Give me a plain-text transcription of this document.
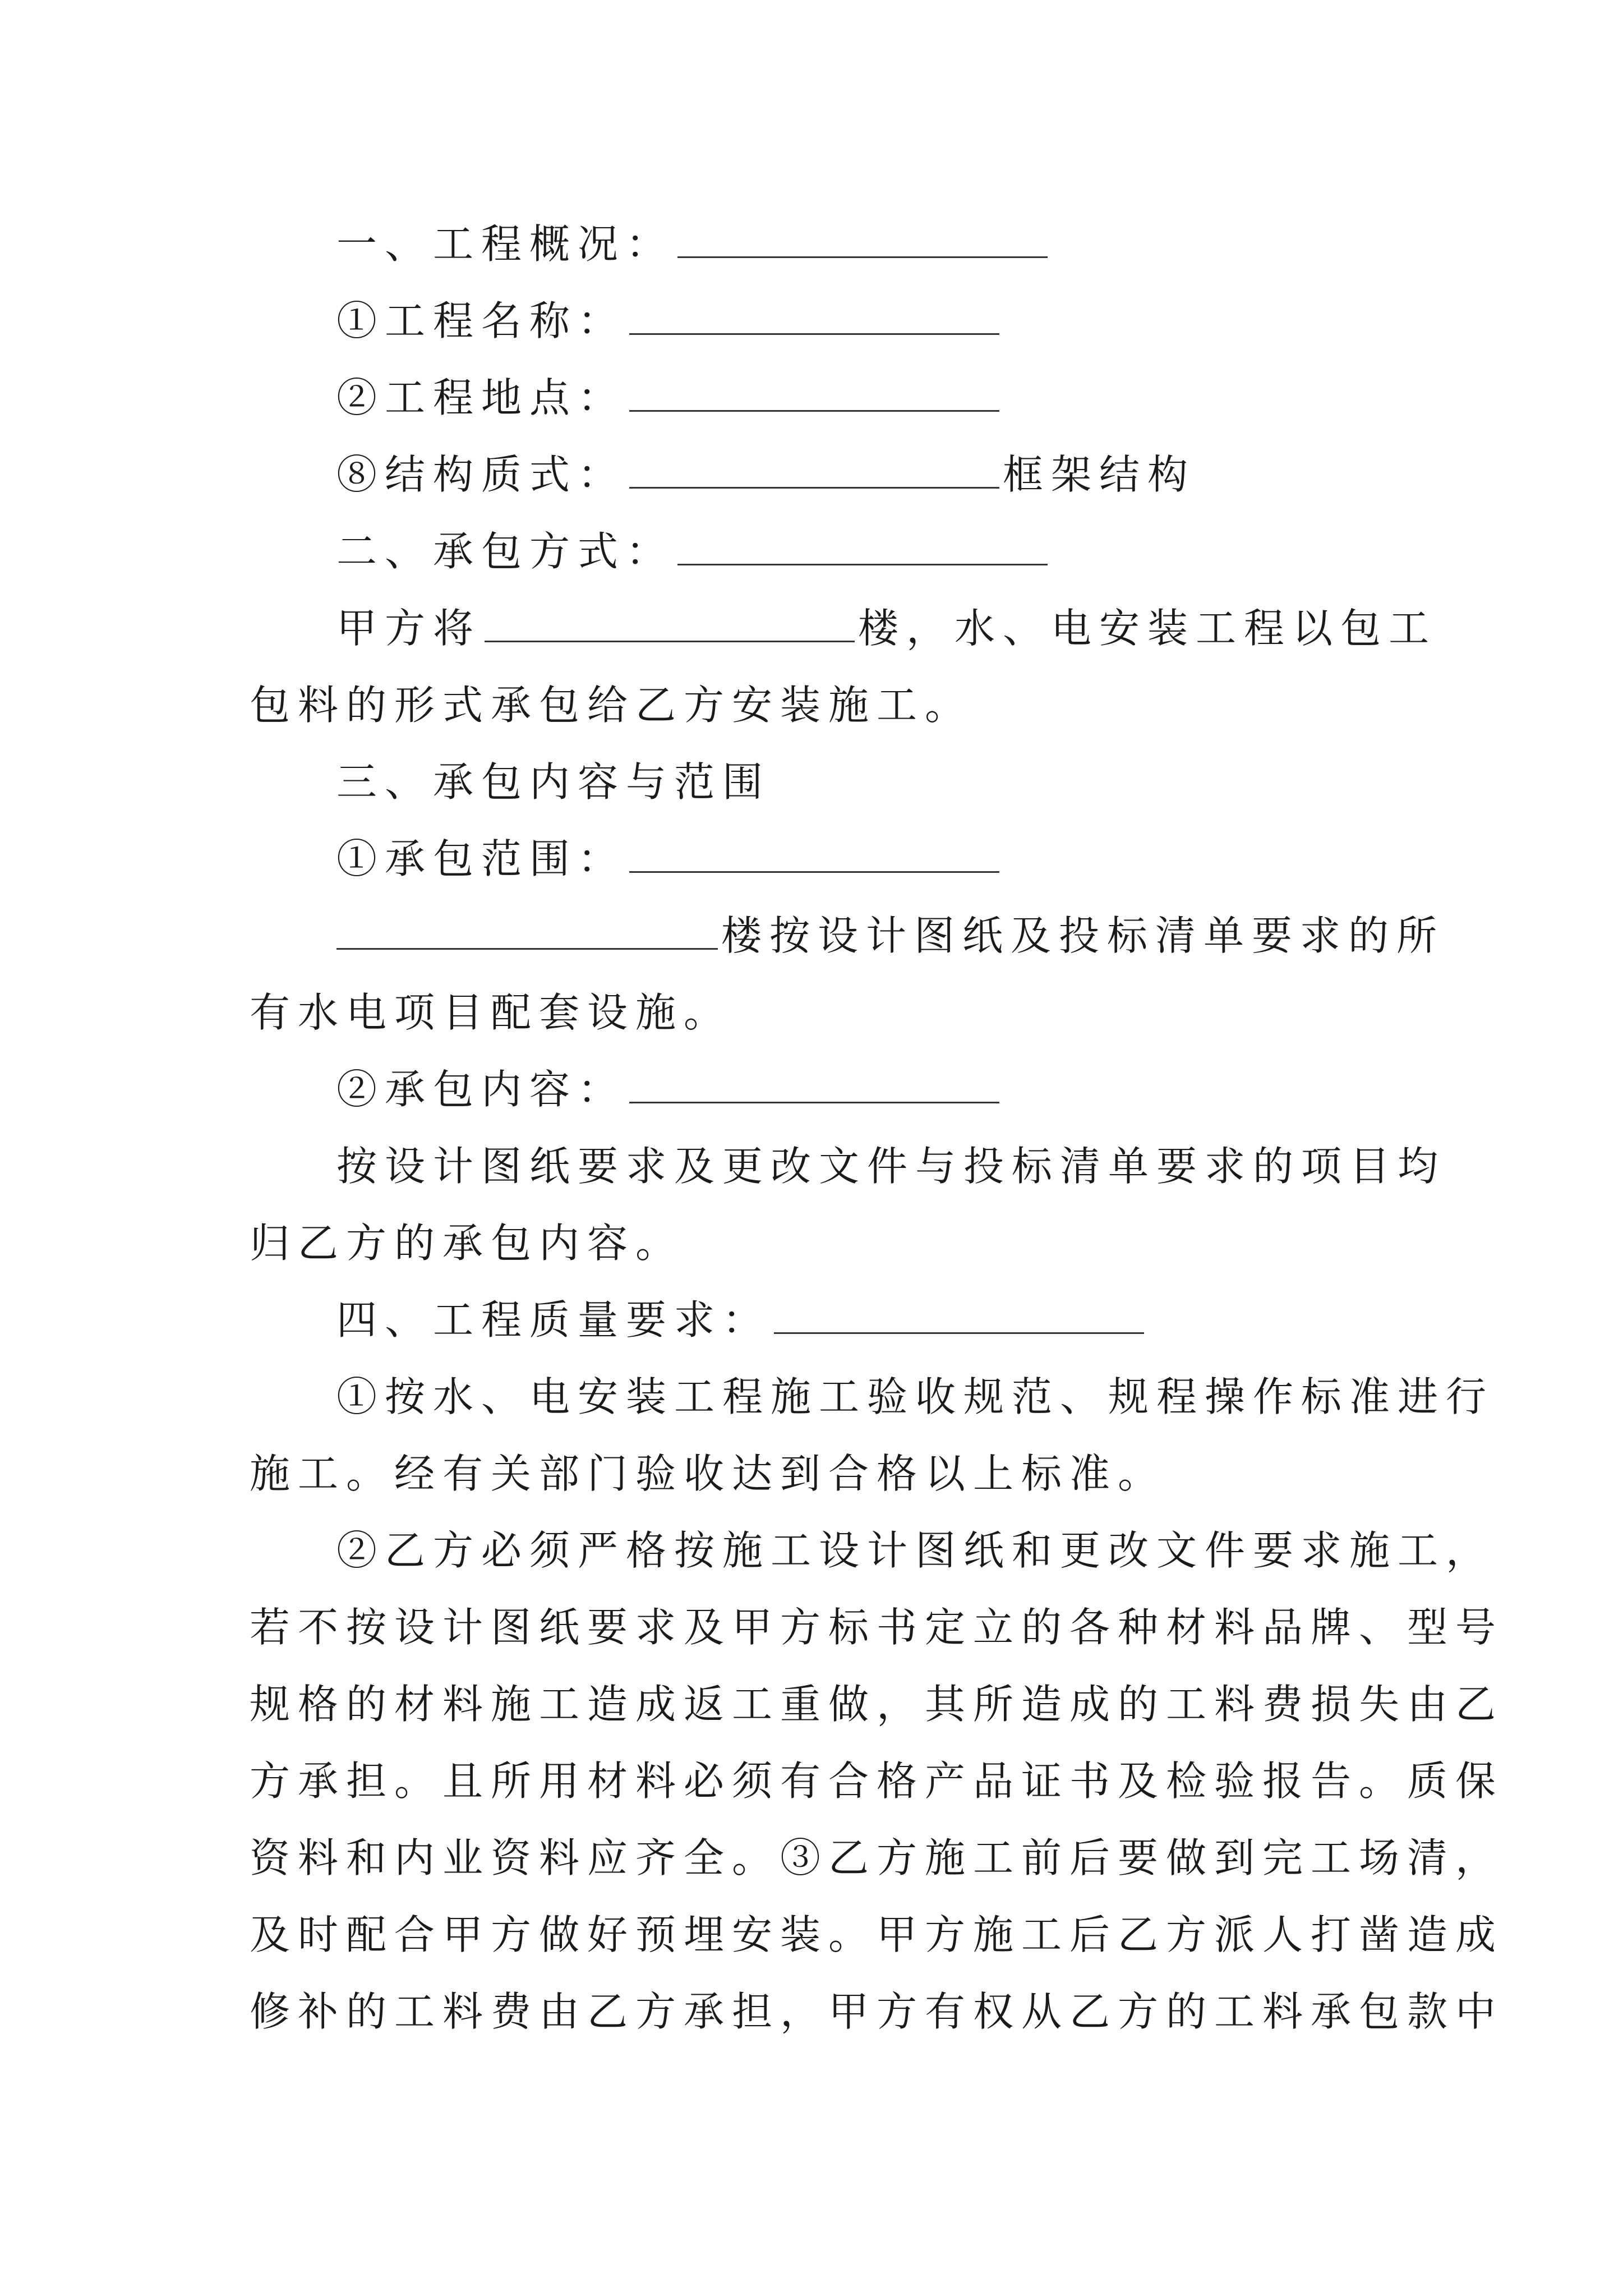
一、工程概况：
①工程名称：
②工程地点：
⑧结构质式：	框架结构
二、承包方式：
甲方将	楼，水、电安装工程以包工
包料的形式承包给乙方安装施工。
三、承包内容与范围
①承包范围：
楼按设计图纸及投标清单要求的所
有水电项目配套设施。
②承包内容：
按设计图纸要求及更改文件与投标清单要求的项目均
归乙方的承包内容。
四、工程质量要求：
①按水、电安装工程施工验收规范、规程操作标准进行
施工。经有关部门验收达到合格以上标准。
②乙方必须严格按施工设计图纸和更改文件要求施工，
若不按设计图纸要求及甲方标书定立的各种材料品牌、型号
规格的材料施工造成返工重做，其所造成的工料费损失由乙
方承担。且所用材料必须有合格产品证书及检验报告。质保
资料和内业资料应齐全。③乙方施工前后要做到完工场清，
及时配合甲方做好预埋安装。甲方施工后乙方派人打凿造成
修补的工料费由乙方承担，甲方有权从乙方的工料承包款中
